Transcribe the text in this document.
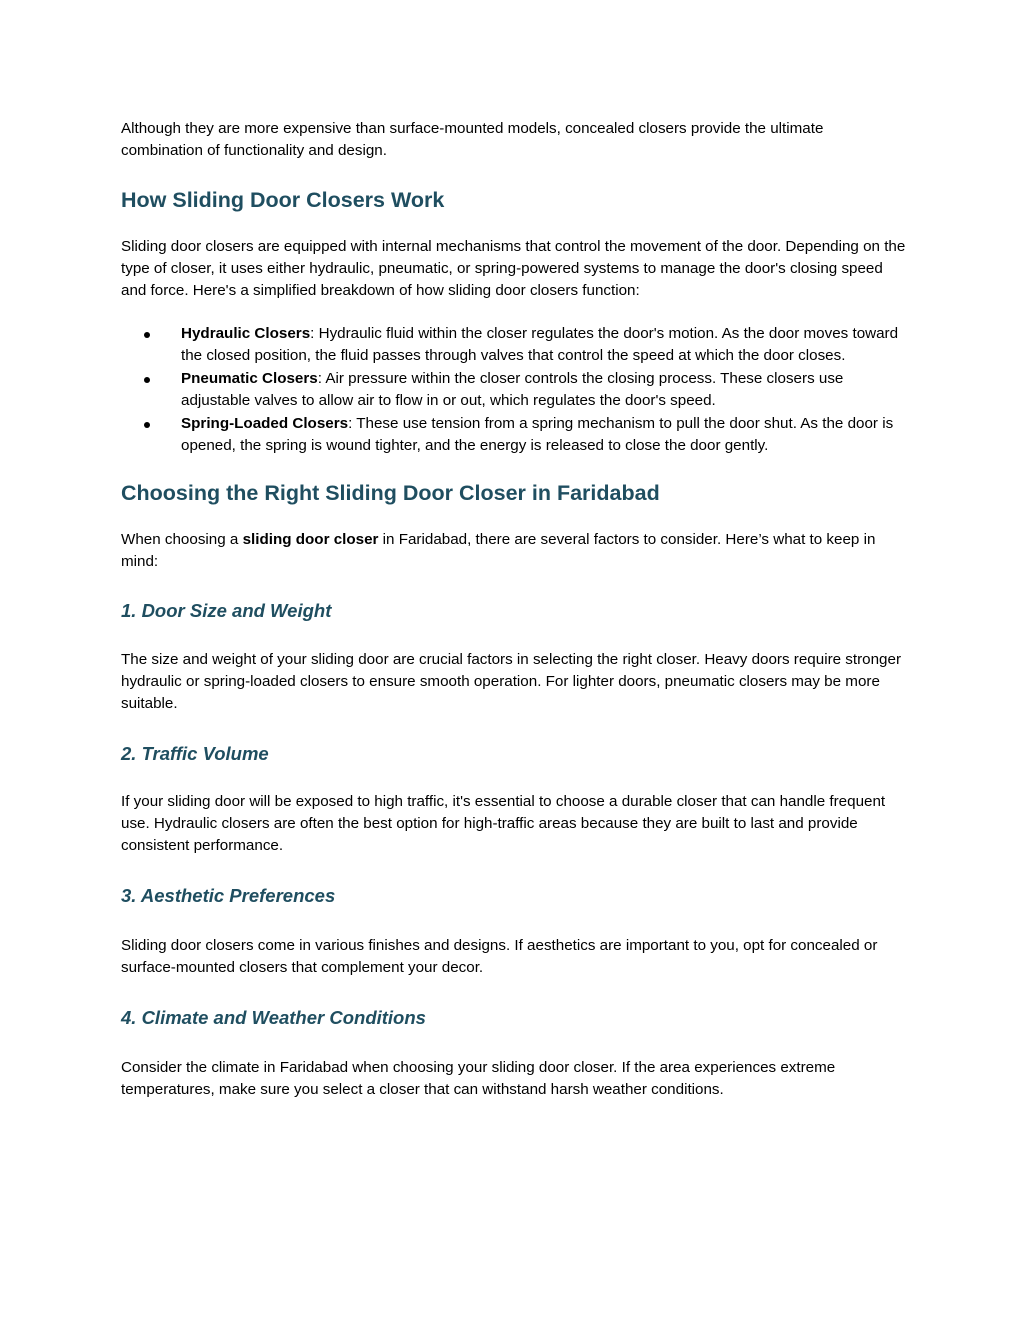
Although they are more expensive than surface-mounted models, concealed closers provide the ultimate combination of functionality and design.

How Sliding Door Closers Work

Sliding door closers are equipped with internal mechanisms that control the movement of the door. Depending on the type of closer, it uses either hydraulic, pneumatic, or spring-powered systems to manage the door's closing speed and force. Here's a simplified breakdown of how sliding door closers function:

Hydraulic Closers: Hydraulic fluid within the closer regulates the door's motion. As the door moves toward the closed position, the fluid passes through valves that control the speed at which the door closes.
Pneumatic Closers: Air pressure within the closer controls the closing process. These closers use adjustable valves to allow air to flow in or out, which regulates the door's speed.
Spring-Loaded Closers: These use tension from a spring mechanism to pull the door shut. As the door is opened, the spring is wound tighter, and the energy is released to close the door gently.
Choosing the Right Sliding Door Closer in Faridabad

When choosing a sliding door closer in Faridabad, there are several factors to consider. Here’s what to keep in mind:

1. Door Size and Weight

The size and weight of your sliding door are crucial factors in selecting the right closer. Heavy doors require stronger hydraulic or spring-loaded closers to ensure smooth operation. For lighter doors, pneumatic closers may be more suitable.

2. Traffic Volume

If your sliding door will be exposed to high traffic, it's essential to choose a durable closer that can handle frequent use. Hydraulic closers are often the best option for high-traffic areas because they are built to last and provide consistent performance.

3. Aesthetic Preferences

Sliding door closers come in various finishes and designs. If aesthetics are important to you, opt for concealed or surface-mounted closers that complement your decor.

4. Climate and Weather Conditions

Consider the climate in Faridabad when choosing your sliding door closer. If the area experiences extreme temperatures, make sure you select a closer that can withstand harsh weather conditions.
